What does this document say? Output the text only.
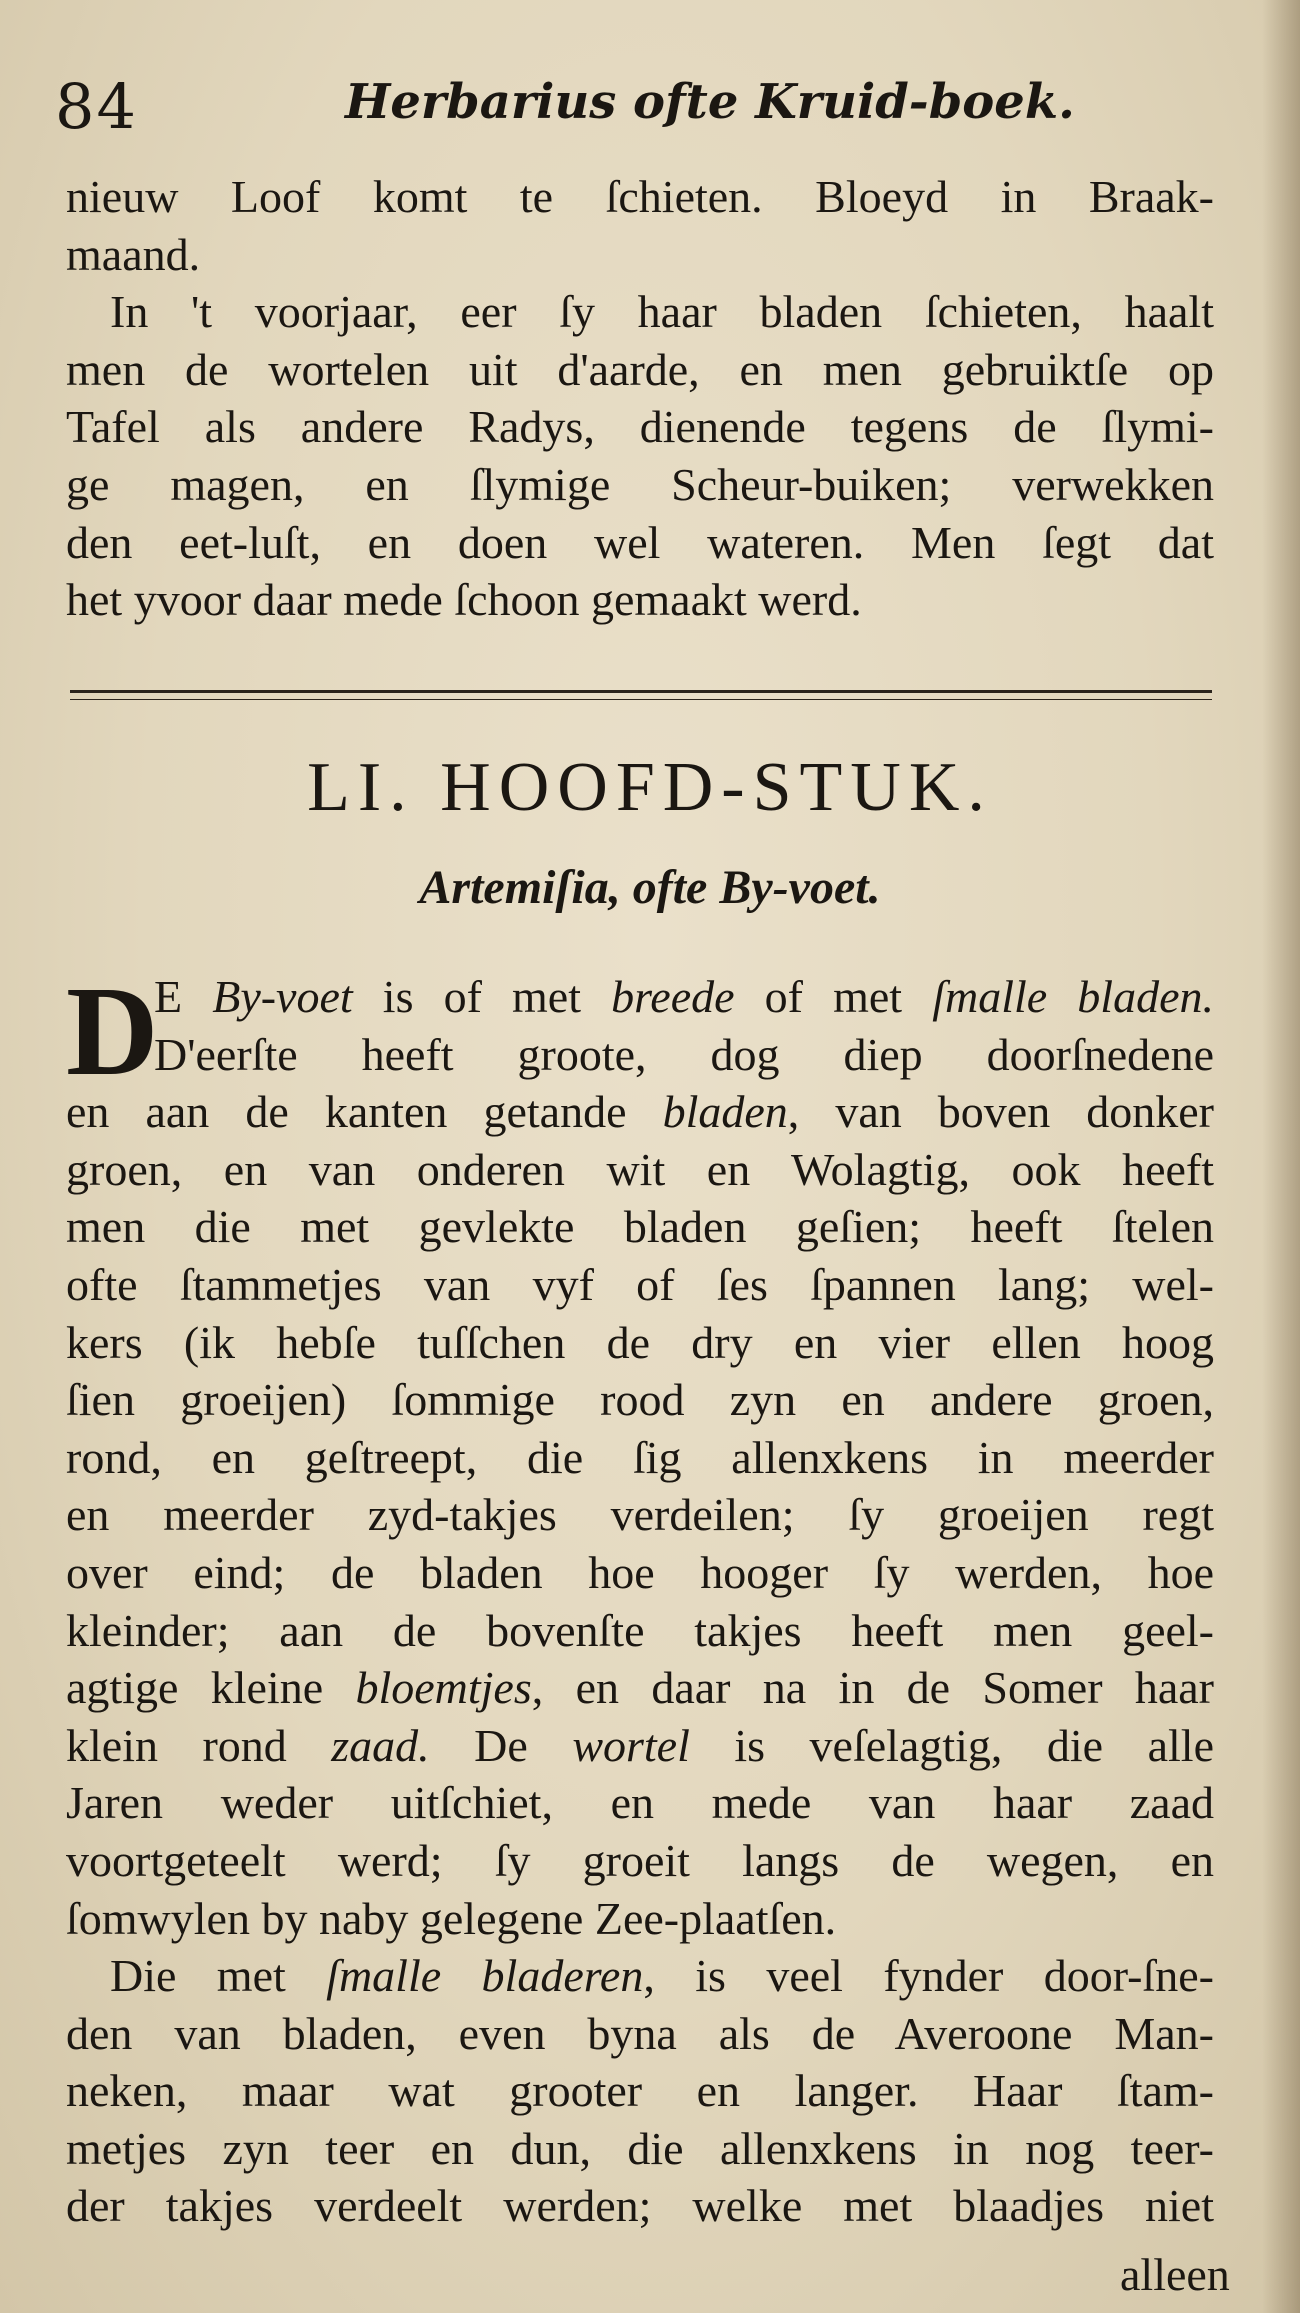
84	Herbarius ofte Kruid-boek.

nieuw Loof komt te ſchieten. Bloeyd in Braak-
maand.

In 't voorjaar, eer ſy haar bladen ſchieten, haalt
men de wortelen uit d'aarde, en men gebruiktſe op
Tafel als andere Radys, dienende tegens de ſlymi-
ge magen, en ſlymige Scheur-buiken; verwekken
den eet-luſt, en doen wel wateren. Men ſegt dat
het yvoor daar mede ſchoon gemaakt werd.

LI. HOOFD-STUK.
Artemiſia, ofte By-voet.
D

E By-voet is of met breede of met ſmalle bladen.
D'eerſte heeft groote, dog diep doorſnedene
en aan de kanten getande bladen, van boven donker
groen, en van onderen wit en Wolagtig, ook heeft
men die met gevlekte bladen geſien; heeft ſtelen
ofte ſtammetjes van vyf of ſes ſpannen lang; wel-
kers (ik hebſe tuſſchen de dry en vier ellen hoog
ſien groeijen) ſommige rood zyn en andere groen,
rond, en geſtreept, die ſig allenxkens in meerder
en meerder zyd-takjes verdeilen; ſy groeijen regt
over eind; de bladen hoe hooger ſy werden, hoe
kleinder; aan de bovenſte takjes heeft men geel-
agtige kleine bloemtjes, en daar na in de Somer haar
klein rond zaad. De wortel is veſelagtig, die alle
Jaren weder uitſchiet, en mede van haar zaad
voortgeteelt werd; ſy groeit langs de wegen, en
ſomwylen by naby gelegene Zee-plaatſen.

Die met ſmalle bladeren, is veel fynder door-ſne-
den van bladen, even byna als de Averoone Man-
neken, maar wat grooter en langer. Haar ſtam-
metjes zyn teer en dun, die allenxkens in nog teer-
der takjes verdeelt werden; welke met blaadjes niet

alleen
